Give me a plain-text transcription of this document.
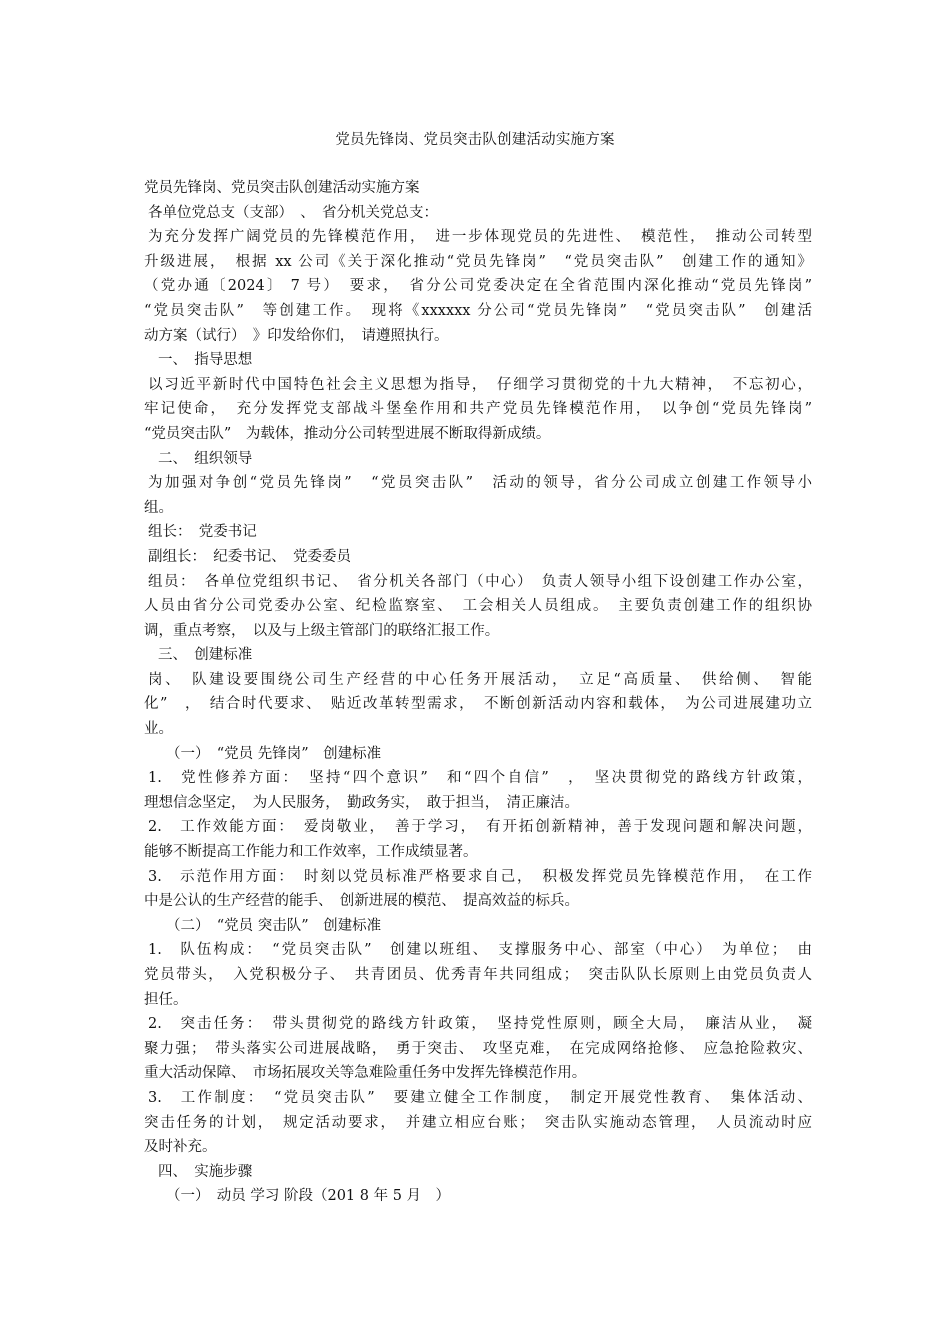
党员先锋岗、党员突击队创建活动实施方案

党员先锋岗、党员突击队创建活动实施方案

各单位党总支（支部）　、　省分机关党总支：

为充分发挥广阔党员的先锋模范作用，　进一步体现党员的先进性、　模范性，　推动公司转型
升级进展，　根据 xx 公司《关于深化推动“党员先锋岗”　“党员突击队”　创建工作的通知》
（党办通〔2024〕 7 号）　要求，　省分公司党委决定在全省范围内深化推动“党员先锋岗”
“党员突击队”　等创建工作。　现将《xxxxxx 分公司“党员先锋岗”　“党员突击队”　创建活
动方案（试行）　》印发给你们，　请遵照执行。

一、　指导思想

以习近平新时代中国特色社会主义思想为指导，　仔细学习贯彻党的十九大精神，　不忘初心，
牢记使命，　充分发挥党支部战斗堡垒作用和共产党员先锋模范作用，　以争创“党员先锋岗”
“党员突击队”　为载体，推动分公司转型进展不断取得新成绩。

二、　组织领导

为加强对争创“党员先锋岗”　“党员突击队”　活动的领导，省分公司成立创建工作领导小
组。

组长：　党委书记

副组长：　纪委书记、　党委委员

组员：　各单位党组织书记、　省分机关各部门（中心）　负责人领导小组下设创建工作办公室，
人员由省分公司党委办公室、纪检监察室、　工会相关人员组成。　主要负责创建工作的组织协
调，重点考察，　以及与上级主管部门的联络汇报工作。

三、　创建标准

岗、　队建设要围绕公司生产经营的中心任务开展活动，　立足“高质量、　供给侧、　智能
化”　，　结合时代要求、　贴近改革转型需求，　不断创新活动内容和载体，　为公司进展建功立
业。

（一）　“党员 先锋岗”　创建标准

1.　党性修养方面：　坚持“四个意识”　和“四个自信”　，　坚决贯彻党的路线方针政策，
理想信念坚定，　为人民服务，　勤政务实，　敢于担当，　清正廉洁。

2.　工作效能方面：　爱岗敬业，　善于学习，　有开拓创新精神，善于发现问题和解决问题，
能够不断提高工作能力和工作效率，工作成绩显著。

3.　示范作用方面：　时刻以党员标准严格要求自己，　积极发挥党员先锋模范作用，　在工作
中是公认的生产经营的能手、　创新进展的模范、　提高效益的标兵。

（二）　“党员 突击队”　创建标准

1.　队伍构成：　“党员突击队”　创建以班组、　支撑服务中心、部室（中心）　为单位；　由
党员带头，　入党积极分子、　共青团员、优秀青年共同组成；　突击队队长原则上由党员负责人
担任。

2.　突击任务：　带头贯彻党的路线方针政策，　坚持党性原则，顾全大局，　廉洁从业，　凝
聚力强；　带头落实公司进展战略，　勇于突击、　攻坚克难，　在完成网络抢修、　应急抢险救灾、
重大活动保障、　市场拓展攻关等急难险重任务中发挥先锋模范作用。

3.　工作制度：　“党员突击队”　要建立健全工作制度，　制定开展党性教育、　集体活动、
突击任务的计划，　规定活动要求，　并建立相应台账；　突击队实施动态管理，　人员流动时应
及时补充。

四、　实施步骤

（一）　动员 学习 阶段（201 8 年 5 月　）
